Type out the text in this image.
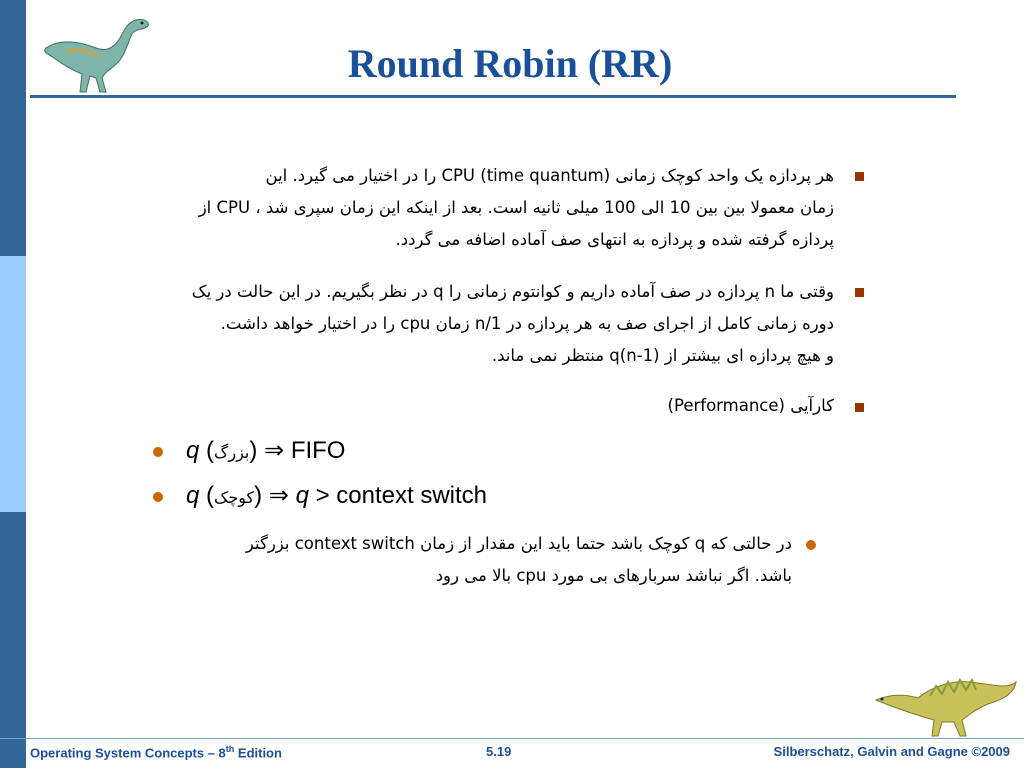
Round Robin (RR)
هر پردازه یک واحد کوچک زمانی (time quantum) CPU را در اختیار می گیرد. این
زمان معمولا بین بین 10 الی 100 میلی ثانیه است. بعد از اینکه این زمان سپری شد ، CPU از
پردازه گرفته شده و پردازه به انتهای صف آماده اضافه می گردد.
وقتی ما n پردازه در صف آماده داریم و کوانتوم زمانی را q در نظر بگیریم. در این حالت در یک
دوره زمانی کامل از اجرای صف به هر پردازه در 1/n زمان cpu را در اختیار خواهد داشت.
و هیچ پردازه ای بیشتر از (n-1)q منتظر نمی ماند.
کارآیی (Performance)
q (بزرگ) ⇒ FIFO
q (کوچک) ⇒ q > context switch
در حالتی که q کوچک باشد حتما باید این مقدار از زمان context switch بزرگتر
باشد. اگر نباشد سربارهای بی مورد cpu بالا می رود
Operating System Concepts – 8th Edition	5.19	Silberschatz, Galvin and Gagne ©2009
